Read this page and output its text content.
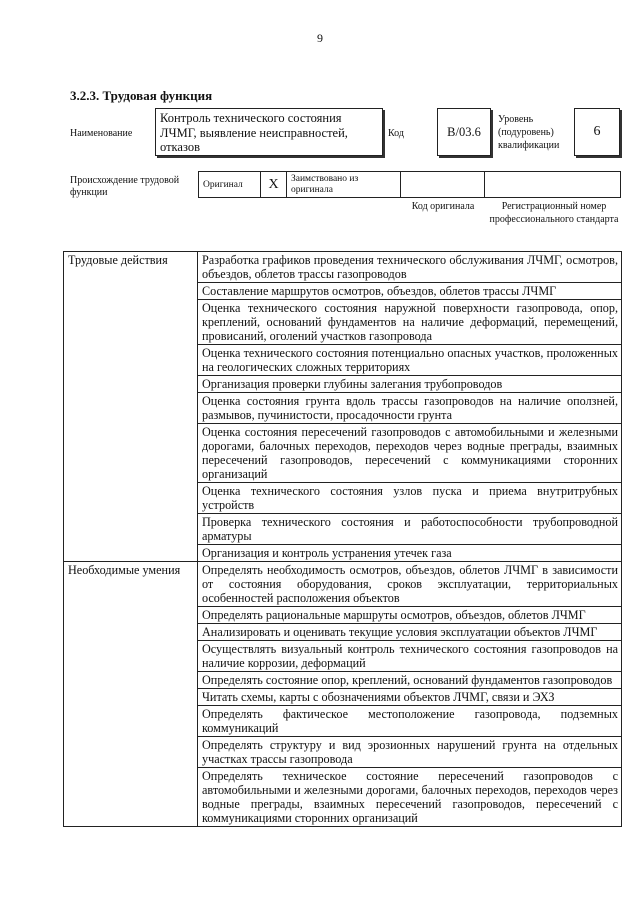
9
3.2.3. Трудовая функция
Наименование
Контроль технического состояния ЛЧМГ, выявление неисправностей, отказов
Код	В/03.6
Уровень (подуровень) квалификации
6
Происхождение трудовой функции
Оригинал	X	Заимствовано из оригинала		
Код оригинала	Регистрационный номер профессионального стандарта
Трудовые действия	Разработка графиков проведения технического обслуживания ЛЧМГ, осмотров, объездов, облетов трассы газопроводов
	Составление маршрутов осмотров, объездов, облетов трассы ЛЧМГ
	Оценка технического состояния наружной поверхности газопровода, опор, креплений, оснований фундаментов на наличие деформаций, перемещений, провисаний, оголений участков газопровода
	Оценка технического состояния потенциально опасных участков, проложенных на геологических сложных территориях
	Организация проверки глубины залегания трубопроводов
	Оценка состояния грунта вдоль трассы газопроводов на наличие оползней, размывов, пучинистости, просадочности грунта
	Оценка состояния пересечений газопроводов с автомобильными и железными дорогами, балочных переходов, переходов через водные преграды, взаимных пересечений газопроводов, пересечений с коммуникациями сторонних организаций
	Оценка технического состояния узлов пуска и приема внутритрубных устройств
	Проверка технического состояния и работоспособности трубопроводной арматуры
	Организация и контроль устранения утечек газа
Необходимые умения	Определять необходимость осмотров, объездов, облетов ЛЧМГ в зависимости от состояния оборудования, сроков эксплуатации, территориальных особенностей расположения объектов
	Определять рациональные маршруты осмотров, объездов, облетов ЛЧМГ
	Анализировать и оценивать текущие условия эксплуатации объектов ЛЧМГ
	Осуществлять визуальный контроль технического состояния газопроводов на наличие коррозии, деформаций
	Определять состояние опор, креплений, оснований фундаментов газопроводов
	Читать схемы, карты с обозначениями объектов ЛЧМГ, связи и ЭХЗ
	Определять фактическое местоположение газопровода, подземных коммуникаций
	Определять структуру и вид эрозионных нарушений грунта на отдельных участках трассы газопровода
	Определять техническое состояние пересечений газопроводов с автомобильными и железными дорогами, балочных переходов, переходов через водные преграды, взаимных пересечений газопроводов, пересечений с коммуникациями сторонних организаций
